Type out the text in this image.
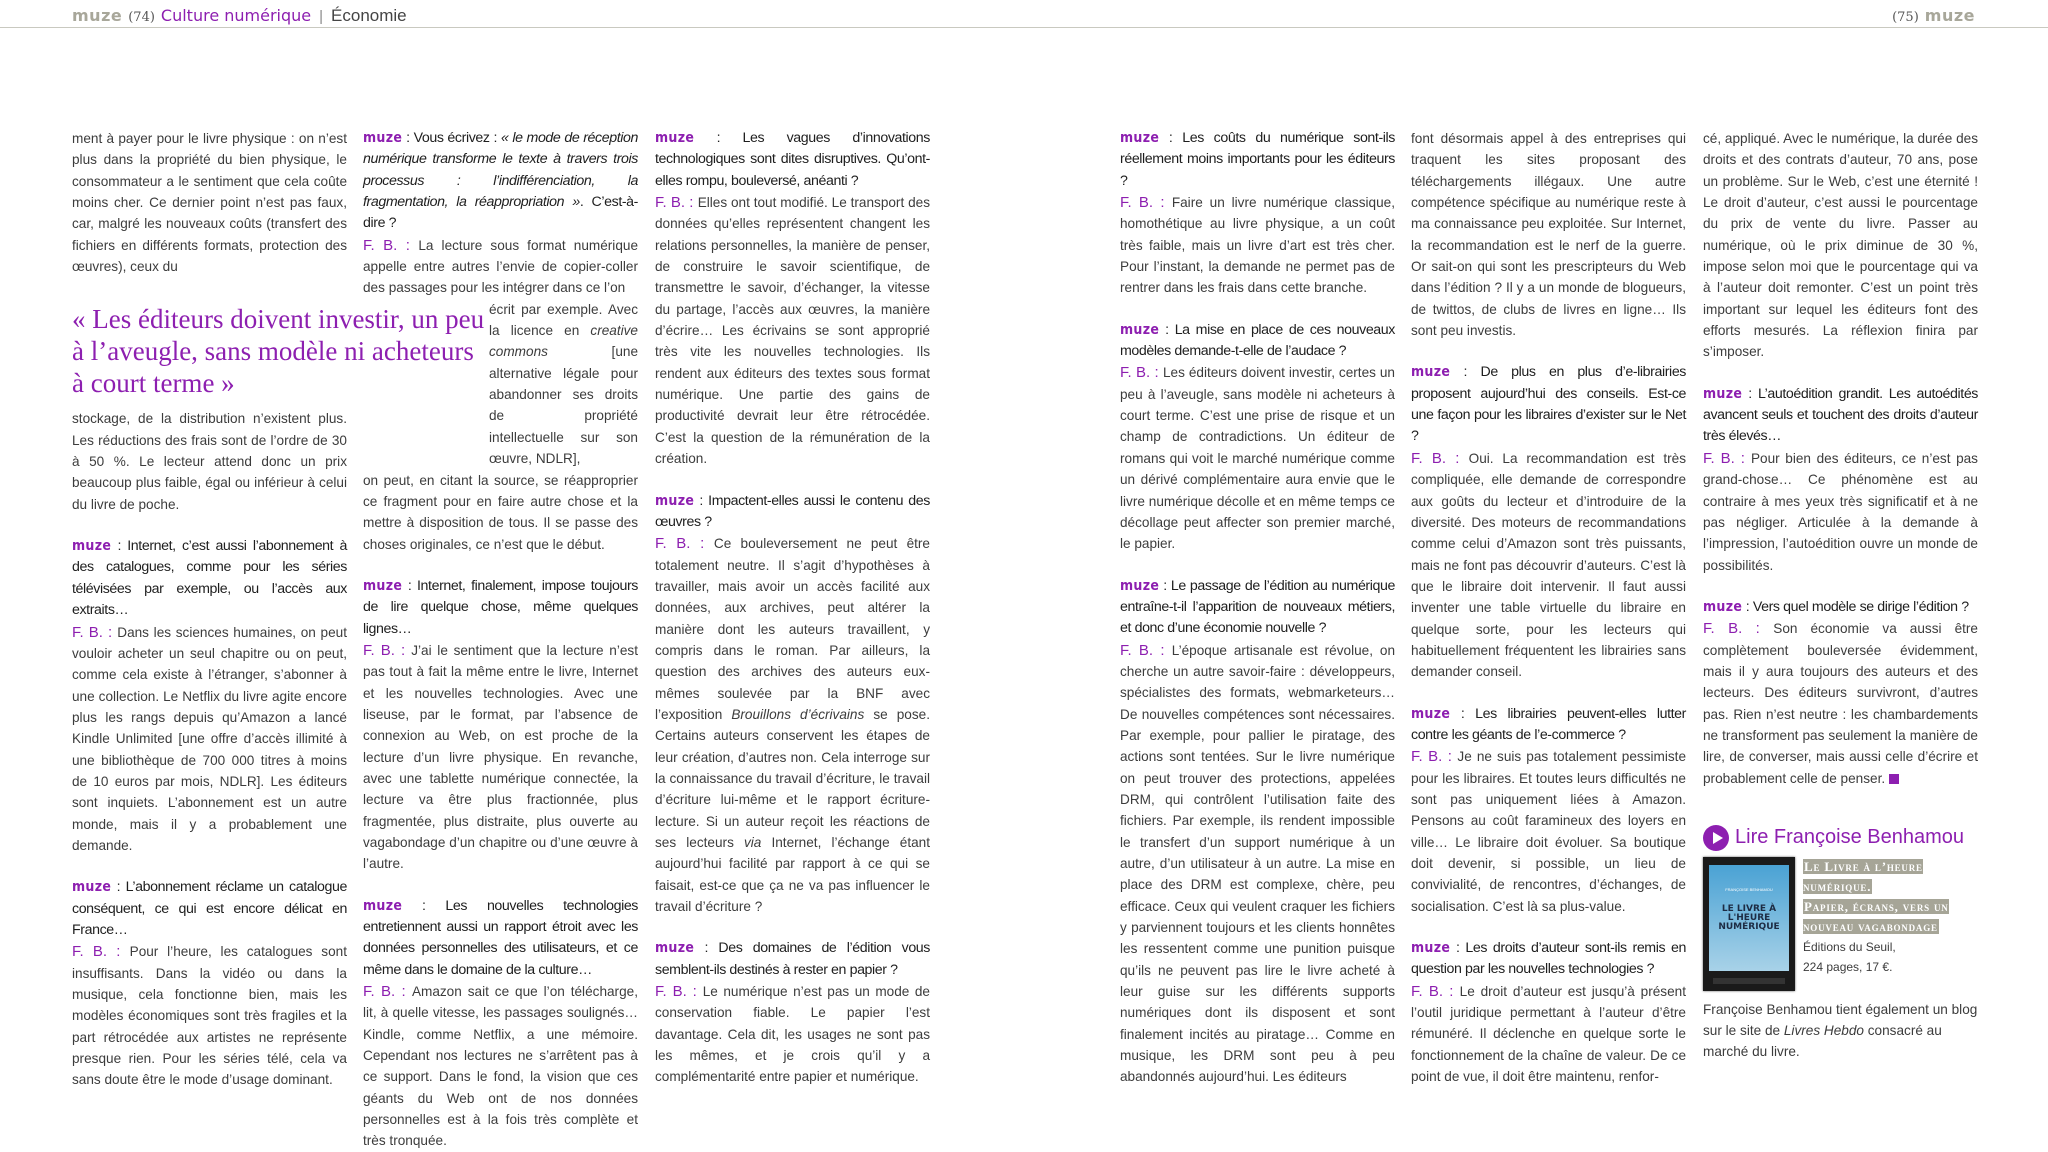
muze (74) Culture numérique | Économie	(75) muze

ment à payer pour le livre physique : on n’est plus dans la propriété du bien physique, le consommateur a le sentiment que cela coûte moins cher. Ce dernier point n’est pas faux, car, malgré les nouveaux coûts (transfert des fichiers en différents formats, protection des œuvres), ceux du

stockage, de la distribution n’existent plus. Les réductions des frais sont de l’ordre de 30 à 50 %. Le lecteur attend donc un prix beaucoup plus faible, égal ou inférieur à celui du livre de poche.

muze : Internet, c’est aussi l’abonnement à des catalogues, comme pour les séries télévisées par exemple, ou l’accès aux extraits…

F. B. : Dans les sciences humaines, on peut vouloir acheter un seul chapitre ou on peut, comme cela existe à l’étranger, s’abonner à une collection. Le Netflix du livre agite encore plus les rangs depuis qu’Amazon a lancé Kindle Unlimited [une offre d’accès illimité à une bibliothèque de 700 000 titres à moins de 10 euros par mois, NDLR]. Les éditeurs sont inquiets. L’abonnement est un autre monde, mais il y a probablement une demande.

muze : L’abonnement réclame un catalogue conséquent, ce qui est encore délicat en France…

F. B. : Pour l’heure, les catalogues sont insuffisants. Dans la vidéo ou dans la musique, cela fonctionne bien, mais les modèles économiques sont très fragiles et la part rétrocédée aux artistes ne représente presque rien. Pour les séries télé, cela va sans doute être le mode d’usage dominant.

« Les éditeurs doivent investir, un peu à l’aveugle, sans modèle ni acheteurs à court terme »

muze : Vous écrivez : « le mode de réception numérique transforme le texte à travers trois processus : l’indifférenciation, la fragmentation, la réappropriation ». C’est-à-dire ?

F. B. : La lecture sous format numérique appelle entre autres l’envie de copier-coller des passages pour les intégrer dans ce l’on

écrit par exemple. Avec la licence en creative commons [une alternative légale pour abandonner ses droits de propriété intellectuelle sur son œuvre, NDLR],

on peut, en citant la source, se réapproprier ce fragment pour en faire autre chose et la mettre à disposition de tous. Il se passe des choses originales, ce n’est que le début.

muze : Internet, finalement, impose toujours de lire quelque chose, même quelques lignes…

F. B. : J’ai le sentiment que la lecture n’est pas tout à fait la même entre le livre, Internet et les nouvelles technologies. Avec une liseuse, par le format, par l’absence de connexion au Web, on est proche de la lecture d’un livre physique. En revanche, avec une tablette numérique connectée, la lecture va être plus fractionnée, plus fragmentée, plus distraite, plus ouverte au vagabondage d’un chapitre ou d’une œuvre à l’autre.

muze : Les nouvelles technologies entretiennent aussi un rapport étroit avec les données personnelles des utilisateurs, et ce même dans le domaine de la culture…

F. B. : Amazon sait ce que l’on télécharge, lit, à quelle vitesse, les passages soulignés… Kindle, comme Netflix, a une mémoire. Cependant nos lectures ne s’arrêtent pas à ce support. Dans le fond, la vision que ces géants du Web ont de nos données personnelles est à la fois très complète et très tronquée.

muze : Les vagues d’innovations technologiques sont dites disruptives. Qu’ont-elles rompu, bouleversé, anéanti ?

F. B. : Elles ont tout modifié. Le transport des données qu’elles représentent changent les relations personnelles, la manière de penser, de construire le savoir scientifique, de transmettre le savoir, d’échanger, la vitesse du partage, l’accès aux œuvres, la manière d’écrire… Les écrivains se sont approprié très vite les nouvelles technologies. Ils rendent aux éditeurs des textes sous format numérique. Une partie des gains de productivité devrait leur être rétrocédée. C’est la question de la rémunération de la création.

muze : Impactent-elles aussi le contenu des œuvres ?

F. B. : Ce bouleversement ne peut être totalement neutre. Il s’agit d’hypothèses à travailler, mais avoir un accès facilité aux données, aux archives, peut altérer la manière dont les auteurs travaillent, y compris dans le roman. Par ailleurs, la question des archives des auteurs eux-mêmes soulevée par la BNF avec l’exposition Brouillons d’écrivains se pose. Certains auteurs conservent les étapes de leur création, d’autres non. Cela interroge sur la connaissance du travail d’écriture, le travail d’écriture lui-même et le rapport écriture-lecture. Si un auteur reçoit les réactions de ses lecteurs via Internet, l’échange étant aujourd’hui facilité par rapport à ce qui se faisait, est-ce que ça ne va pas influencer le travail d’écriture ?

muze : Des domaines de l’édition vous semblent-ils destinés à rester en papier ?

F. B. : Le numérique n’est pas un mode de conservation fiable. Le papier l’est davantage. Cela dit, les usages ne sont pas les mêmes, et je crois qu’il y a complémentarité entre papier et numérique.

muze : Les coûts du numérique sont-ils réellement moins importants pour les éditeurs ?

F. B. : Faire un livre numérique classique, homothétique au livre physique, a un coût très faible, mais un livre d’art est très cher. Pour l’instant, la demande ne permet pas de rentrer dans les frais dans cette branche.

muze : La mise en place de ces nouveaux modèles demande-t-elle de l’audace ?

F. B. : Les éditeurs doivent investir, certes un peu à l’aveugle, sans modèle ni acheteurs à court terme. C’est une prise de risque et un champ de contradictions. Un éditeur de romans qui voit le marché numérique comme un dérivé complémentaire aura envie que le livre numérique décolle et en même temps ce décollage peut affecter son premier marché, le papier.

muze : Le passage de l’édition au numérique entraîne-t-il l’apparition de nouveaux métiers, et donc d’une économie nouvelle ?

F. B. : L’époque artisanale est révolue, on cherche un autre savoir-faire : développeurs, spécialistes des formats, webmarketeurs… De nouvelles compétences sont nécessaires. Par exemple, pour pallier le piratage, des actions sont tentées. Sur le livre numérique on peut trouver des protections, appelées DRM, qui contrôlent l’utilisation faite des fichiers. Par exemple, ils rendent impossible le transfert d’un support numérique à un autre, d’un utilisateur à un autre. La mise en place des DRM est complexe, chère, peu efficace. Ceux qui veulent craquer les fichiers y parviennent toujours et les clients honnêtes les ressentent comme une punition puisque qu’ils ne peuvent pas lire le livre acheté à leur guise sur les différents supports numériques dont ils disposent et sont finalement incités au piratage… Comme en musique, les DRM sont peu à peu abandonnés aujourd’hui. Les éditeurs

font désormais appel à des entreprises qui traquent les sites proposant des téléchargements illégaux. Une autre compétence spécifique au numérique reste à ma connaissance peu exploitée. Sur Internet, la recommandation est le nerf de la guerre. Or sait-on qui sont les prescripteurs du Web dans l’édition ? Il y a un monde de blogueurs, de twittos, de clubs de livres en ligne… Ils sont peu investis.

muze : De plus en plus d’e-librairies proposent aujourd’hui des conseils. Est-ce une façon pour les libraires d’exister sur le Net ?

F. B. : Oui. La recommandation est très compliquée, elle demande de correspondre aux goûts du lecteur et d’introduire de la diversité. Des moteurs de recommandations comme celui d’Amazon sont très puissants, mais ne font pas découvrir d’auteurs. C’est là que le libraire doit intervenir. Il faut aussi inventer une table virtuelle du libraire en quelque sorte, pour les lecteurs qui habituellement fréquentent les librairies sans demander conseil.

muze : Les librairies peuvent-elles lutter contre les géants de l’e-commerce ?

F. B. : Je ne suis pas totalement pessimiste pour les libraires. Et toutes leurs difficultés ne sont pas uniquement liées à Amazon. Pensons au coût faramineux des loyers en ville… Le libraire doit évoluer. Sa boutique doit devenir, si possible, un lieu de convivialité, de rencontres, d’échanges, de socialisation. C’est là sa plus-value.

muze : Les droits d’auteur sont-ils remis en question par les nouvelles technologies ?

F. B. : Le droit d’auteur est jusqu’à présent l’outil juridique permettant à l’auteur d’être rémunéré. Il déclenche en quelque sorte le fonctionnement de la chaîne de valeur. De ce point de vue, il doit être maintenu, renfor-

cé, appliqué. Avec le numérique, la durée des droits et des contrats d’auteur, 70 ans, pose un problème. Sur le Web, c’est une éternité ! Le droit d’auteur, c’est aussi le pourcentage du prix de vente du livre. Passer au numérique, où le prix diminue de 30 %, impose selon moi que le pourcentage qui va à l’auteur doit remonter. C’est un point très important sur lequel les éditeurs font des efforts mesurés. La réflexion finira par s’imposer.

muze : L’autoédition grandit. Les autoédités avancent seuls et touchent des droits d’auteur très élevés…

F. B. : Pour bien des éditeurs, ce n’est pas grand-chose… Ce phénomène est au contraire à mes yeux très significatif et à ne pas négliger. Articulée à la demande à l’impression, l’autoédition ouvre un monde de possibilités.

muze : Vers quel modèle se dirige l’édition ?

F. B. : Son économie va aussi être complètement bouleversée évidemment, mais il y aura toujours des auteurs et des lecteurs. Des éditeurs survivront, d’autres pas. Rien n’est neutre : les chambardements ne transforment pas seulement la manière de lire, de converser, mais aussi celle d’écrire et probablement celle de penser.

Lire Françoise Benhamou
FRANÇOISE BENHAMOU
LE LIVRE À L'HEURE NUMÉRIQUE
Le Livre à l’heure numérique.
Papier, écrans, vers un nouveau vagabondage
Éditions du Seuil,
224 pages, 17 €.

Françoise Benhamou tient également un blog sur le site de Livres Hebdo consacré au marché du livre.
